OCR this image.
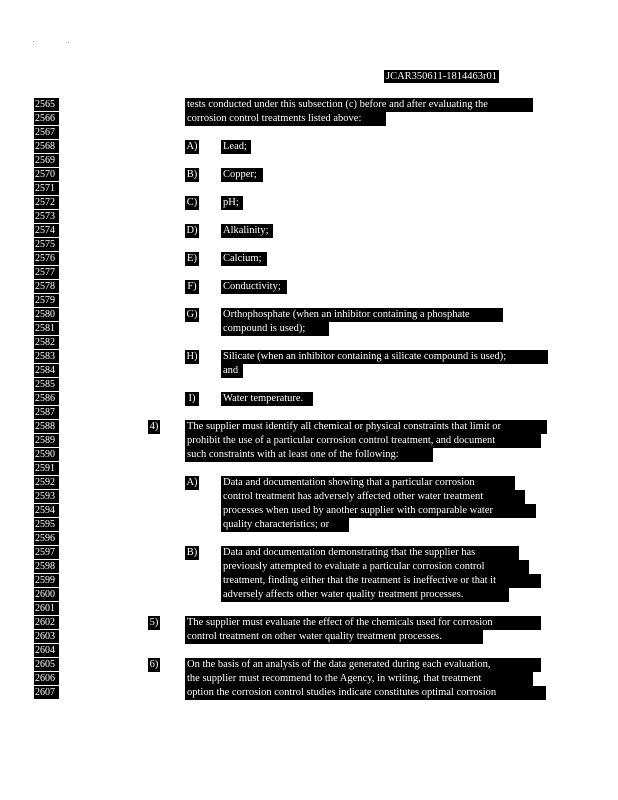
JCAR350611-1814463r01
2565
2566
2567
2568
2569
2570
2571
2572
2573
2574
2575
2576
2577
2578
2579
2580
2581
2582
2583
2584
2585
2586
2587
2588
2589
2590
2591
2592
2593
2594
2595
2596
2597
2598
2599
2600
2601
2602
2603
2604
2605
2606
2607
tests conducted under this subsection (c) before and after evaluating the
corrosion control treatments listed above:
A) Lead;
B) Copper;
C) pH;
D) Alkalinity;
E) Calcium;
F)	Conductivity;
G) Orthophosphate (when an inhibitor containing a phosphate
compound is used);
H) Silicate (when an inhibitor containing a silicate compound is used);
and
I)	Water temperature.
4)	The supplier must identify all chemical or physical constraints that limit or
prohibit the use of a particular corrosion control treatment, and document
such constraints with at least one of the following:
A) Data and documentation showing that a particular corrosion
control treatment has adversely affected other water treatment
processes when used by another supplier with comparable water
quality characteristics; or
B) Data and documentation demonstrating that the supplier has
previously attempted to evaluate a particular corrosion control
treatment, finding either that the treatment is ineffective or that it
adversely affects other water quality treatment processes.
5)	The supplier must evaluate the effect of the chemicals used for corrosion
control treatment on other water quality treatment processes.
6)	On the basis of an analysis of the data generated during each evaluation,
the supplier must recommend to the Agency, in writing, that treatment
option the corrosion control studies indicate constitutes optimal corrosion
